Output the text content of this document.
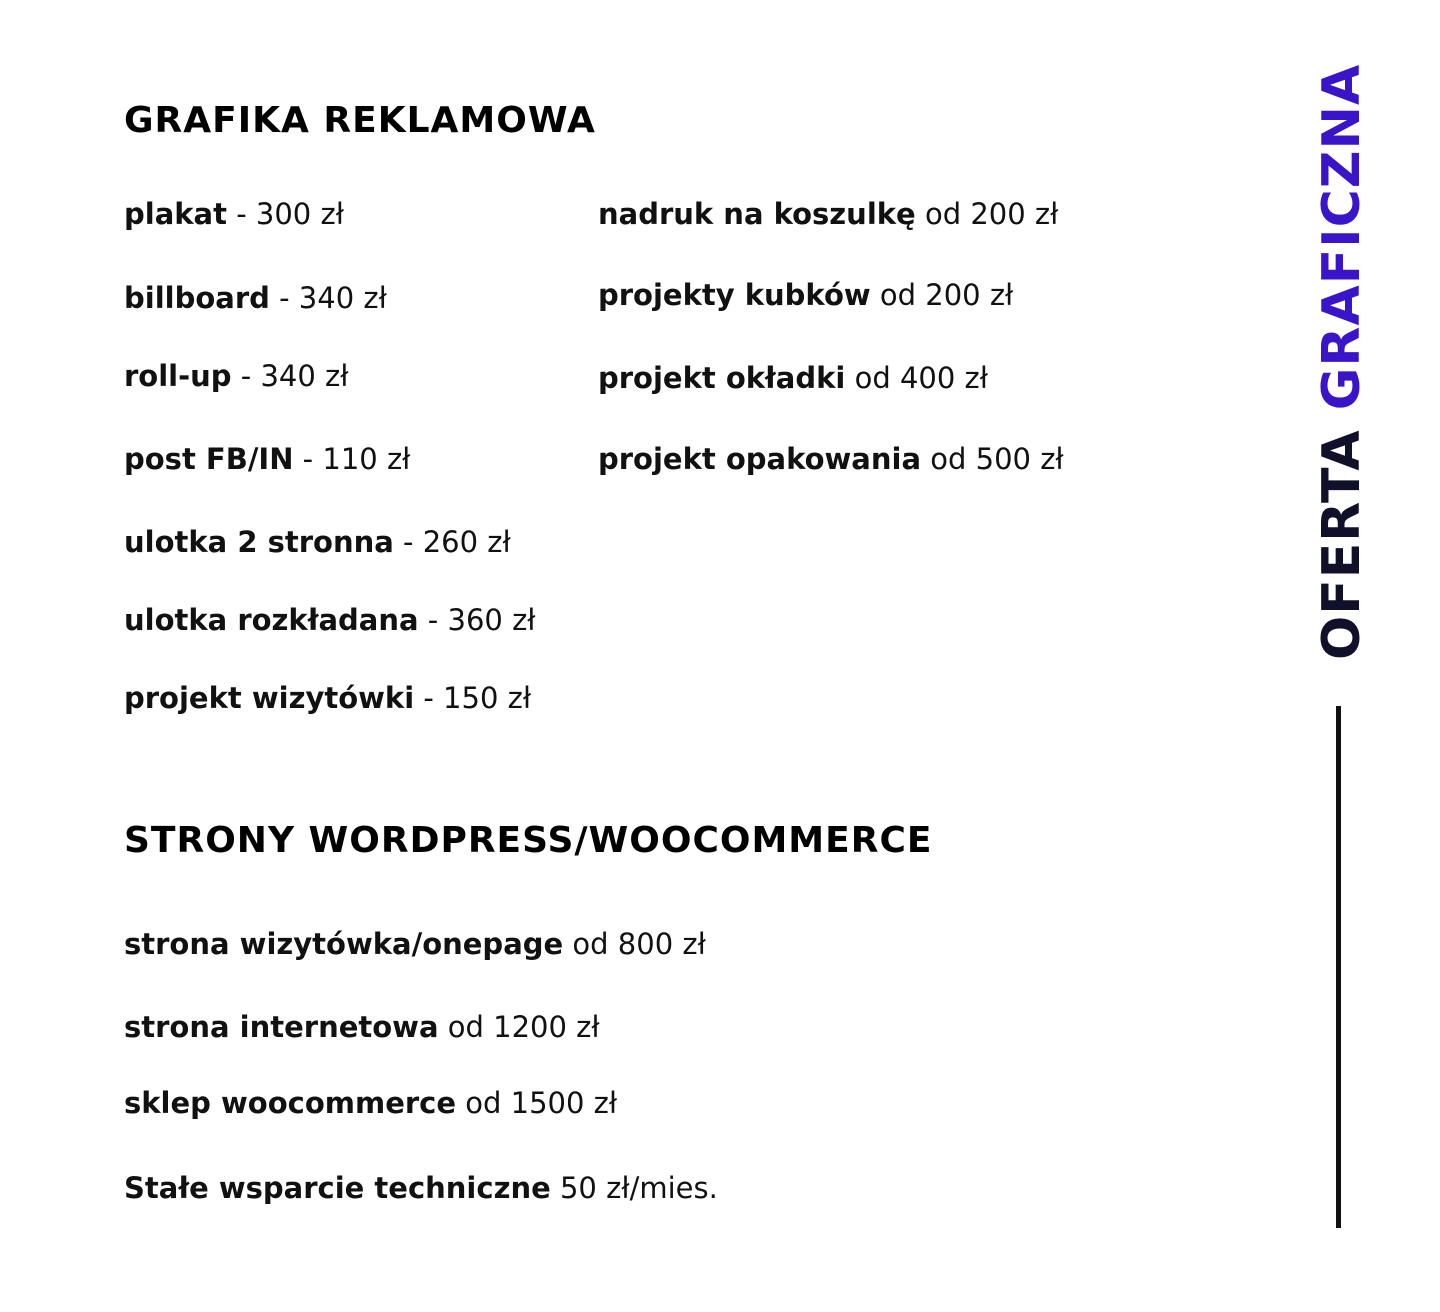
GRAFIKA REKLAMOWA
plakat - 300 zł
billboard - 340 zł
roll-up - 340 zł
post FB/IN - 110 zł
ulotka 2 stronna - 260 zł
ulotka rozkładana - 360 zł
projekt wizytówki - 150 zł
nadruk na koszulkę od 200 zł
projekty kubków od 200 zł
projekt okładki od 400 zł
projekt opakowania od 500 zł
STRONY WORDPRESS/WOOCOMMERCE
strona wizytówka/onepage od 800 zł
strona internetowa od 1200 zł
sklep woocommerce od 1500 zł
Stałe wsparcie techniczne 50 zł/mies.
OFERTA GRAFICZNA
